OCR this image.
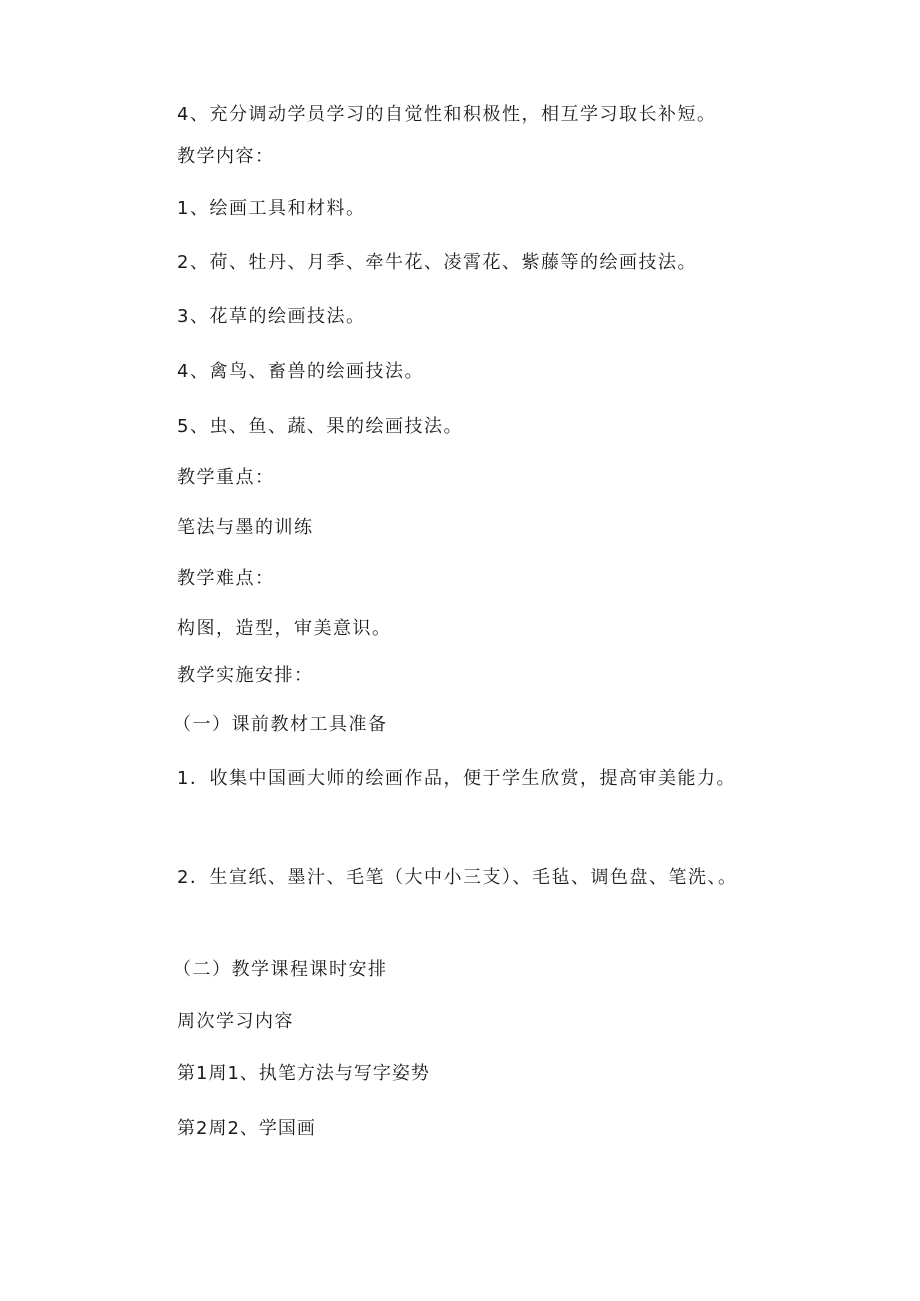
4、充分调动学员学习的自觉性和积极性，相互学习取长补短。

教学内容：

1、绘画工具和材料。

2、荷、牡丹、月季、牵牛花、凌霄花、紫藤等的绘画技法。

3、花草的绘画技法。

4、禽鸟、畜兽的绘画技法。

5、虫、鱼、蔬、果的绘画技法。

教学重点：

笔法与墨的训练

教学难点：

构图，造型，审美意识。

教学实施安排：

（一）课前教材工具准备

1．收集中国画大师的绘画作品，便于学生欣赏，提高审美能力。

2．生宣纸、墨汁、毛笔（大中小三支）、毛毡、调色盘、笔洗、。

（二）教学课程课时安排

周次学习内容

第1周1、执笔方法与写字姿势

第2周2、学国画
